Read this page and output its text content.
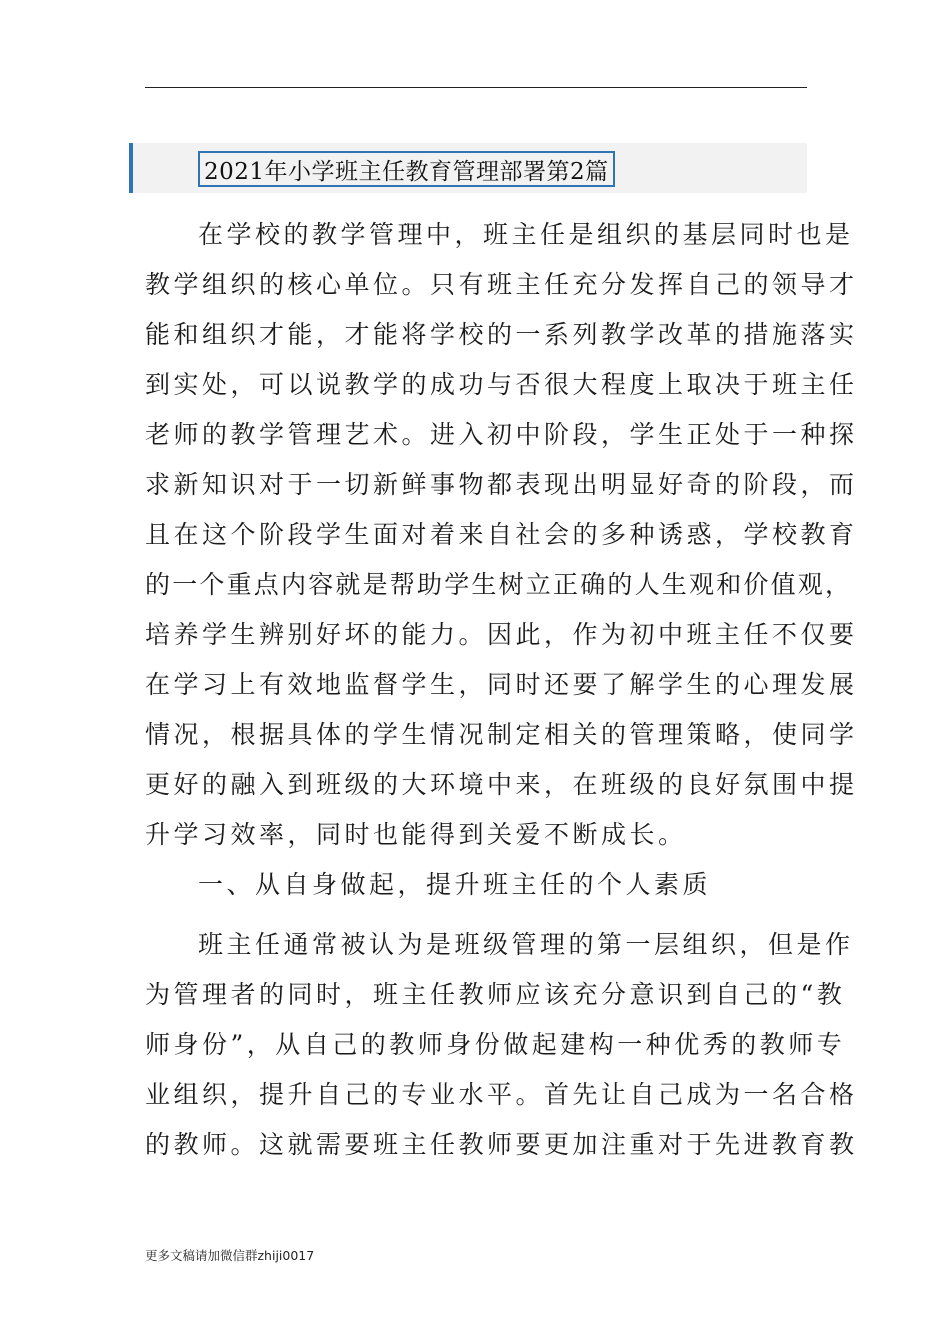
2021年小学班主任教育管理部署第2篇
在学校的教学管理中，班主任是组织的基层同时也是
教学组织的核心单位。只有班主任充分发挥自己的领导才
能和组织才能，才能将学校的一系列教学改革的措施落实
到实处，可以说教学的成功与否很大程度上取决于班主任
老师的教学管理艺术。进入初中阶段，学生正处于一种探
求新知识对于一切新鲜事物都表现出明显好奇的阶段，而
且在这个阶段学生面对着来自社会的多种诱惑，学校教育
的一个重点内容就是帮助学生树立正确的人生观和价值观，
培养学生辨别好坏的能力。因此，作为初中班主任不仅要
在学习上有效地监督学生，同时还要了解学生的心理发展
情况，根据具体的学生情况制定相关的管理策略，使同学
更好的融入到班级的大环境中来，在班级的良好氛围中提
升学习效率，同时也能得到关爱不断成长。
一、从自身做起，提升班主任的个人素质
班主任通常被认为是班级管理的第一层组织，但是作
为管理者的同时，班主任教师应该充分意识到自己的“教
师身份”，从自己的教师身份做起建构一种优秀的教师专
业组织，提升自己的专业水平。首先让自己成为一名合格
的教师。这就需要班主任教师要更加注重对于先进教育教
更多文稿请加微信群zhiji0017
